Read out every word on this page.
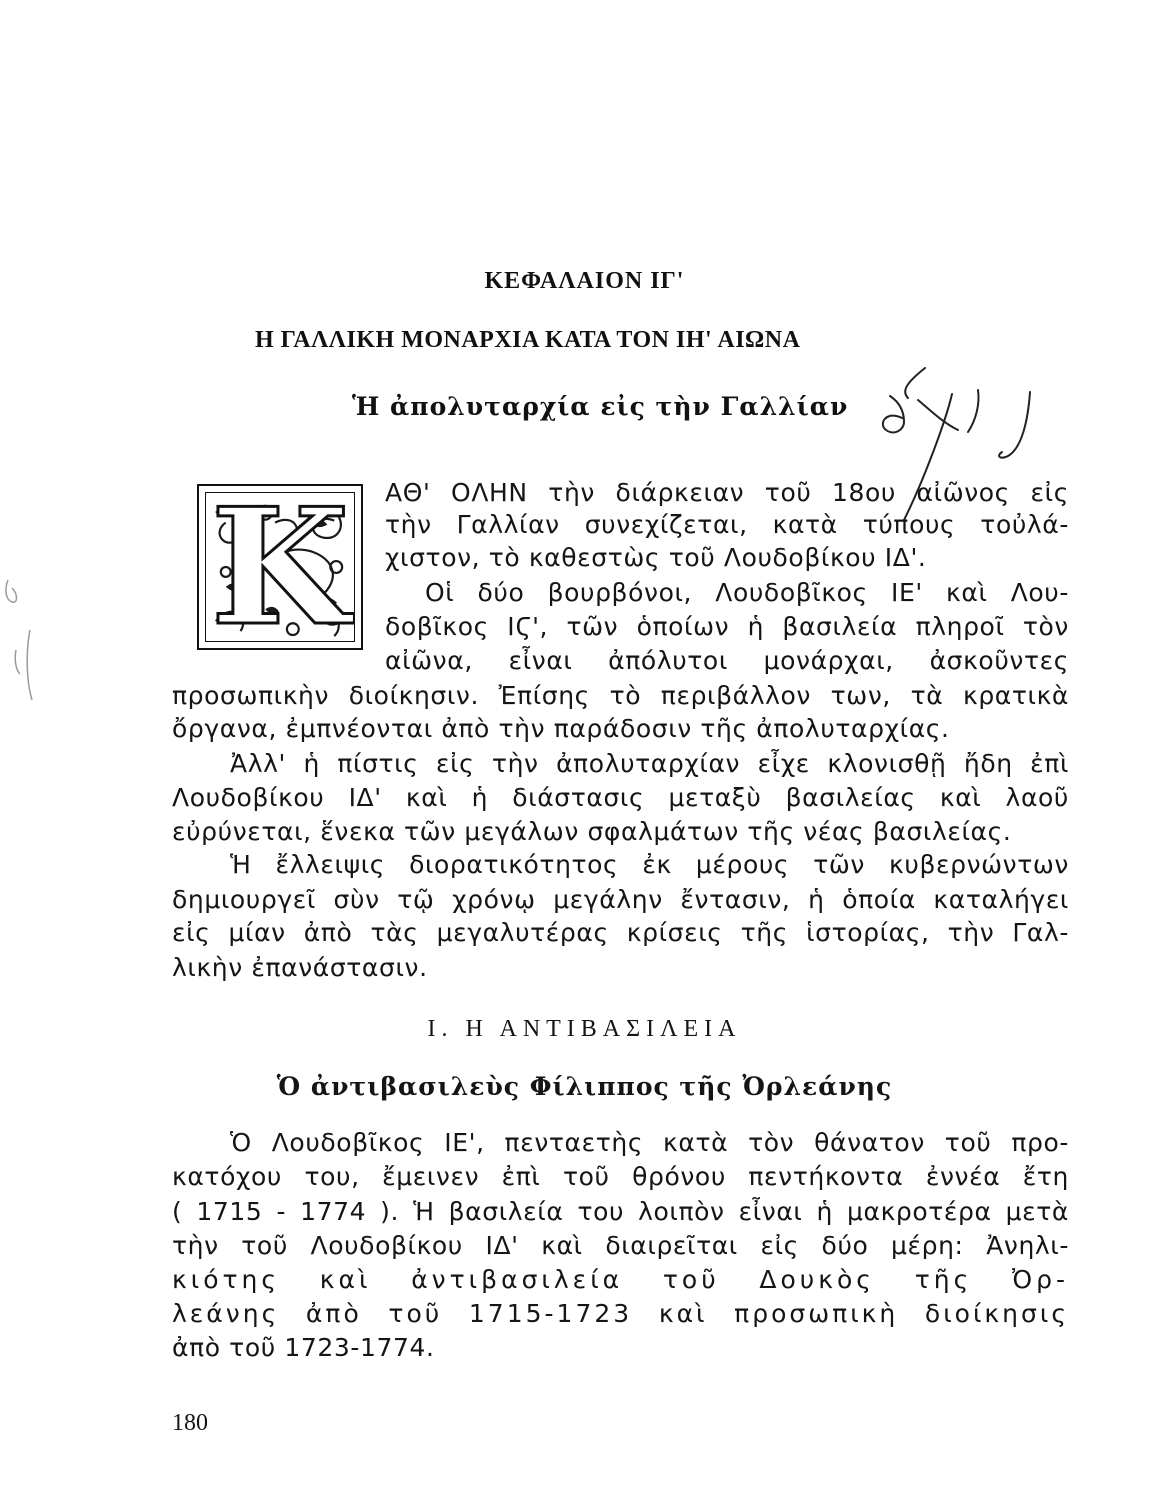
ΚΕΦΑΛΑΙΟΝ ΙΓ'
Η ΓΑΛΛΙΚΗ ΜΟΝΑΡΧΙΑ ΚΑΤΑ ΤΟΝ ΙΗ' ΑΙΩΝΑ
Ἡ ἀπολυταρχία εἰς τὴν Γαλλίαν
Κ ΑΘ' ΟΛΗΝ τὴν διάρκειαν τοῦ 18ου αἰῶνος εἰς
τὴν Γαλλίαν συνεχίζεται, κατὰ τύπους τοὐλά-
χιστον, τὸ καθεστὼς τοῦ Λουδοβίκου ΙΔ'.
Οἱ δύο βουρβόνοι, Λουδοβῖκος ΙΕ' καὶ Λου-
δοβῖκος ΙϚ', τῶν ὁποίων ἡ βασιλεία πληροῖ τὸν
αἰῶνα, εἶναι ἀπόλυτοι μονάρχαι, ἀσκοῦντες
προσωπικὴν διοίκησιν. Ἐπίσης τὸ περιβάλλον των, τὰ κρατικὰ
ὄργανα, ἐμπνέονται ἀπὸ τὴν παράδοσιν τῆς ἀπολυταρχίας.
Ἀλλ' ἡ πίστις εἰς τὴν ἀπολυταρχίαν εἶχε κλονισθῇ ἤδη ἐπὶ
Λουδοβίκου ΙΔ' καὶ ἡ διάστασις μεταξὺ βασιλείας καὶ λαοῦ
εὐρύνεται, ἕνεκα τῶν μεγάλων σφαλμάτων τῆς νέας βασιλείας.
Ἡ ἔλλειψις διορατικότητος ἐκ μέρους τῶν κυβερνώντων
δημιουργεῖ σὺν τῷ χρόνῳ μεγάλην ἔντασιν, ἡ ὁποία καταλήγει
εἰς μίαν ἀπὸ τὰς μεγαλυτέρας κρίσεις τῆς ἱστορίας, τὴν Γαλ-
λικὴν ἐπανάστασιν.
Ι. Η ΑΝΤΙΒΑΣΙΛΕΙΑ
Ὁ ἀντιβασιλεὺς Φίλιππος τῆς Ὀρλεάνης
Ὁ Λουδοβῖκος ΙΕ', πενταετὴς κατὰ τὸν θάνατον τοῦ προ-
κατόχου του, ἔμεινεν ἐπὶ τοῦ θρόνου πεντήκοντα ἐννέα ἔτη
( 1715 - 1774 ). Ἡ βασιλεία του λοιπὸν εἶναι ἡ μακροτέρα μετὰ
τὴν τοῦ Λουδοβίκου ΙΔ' καὶ διαιρεῖται εἰς δύο μέρη: Ἀνηλι-
κιότης καὶ ἀντιβασιλεία τοῦ Δουκὸς τῆς Ὀρ-
λεάνης ἀπὸ τοῦ 1715-1723 καὶ προσωπικὴ διοίκησις
ἀπὸ τοῦ 1723-1774.
180
